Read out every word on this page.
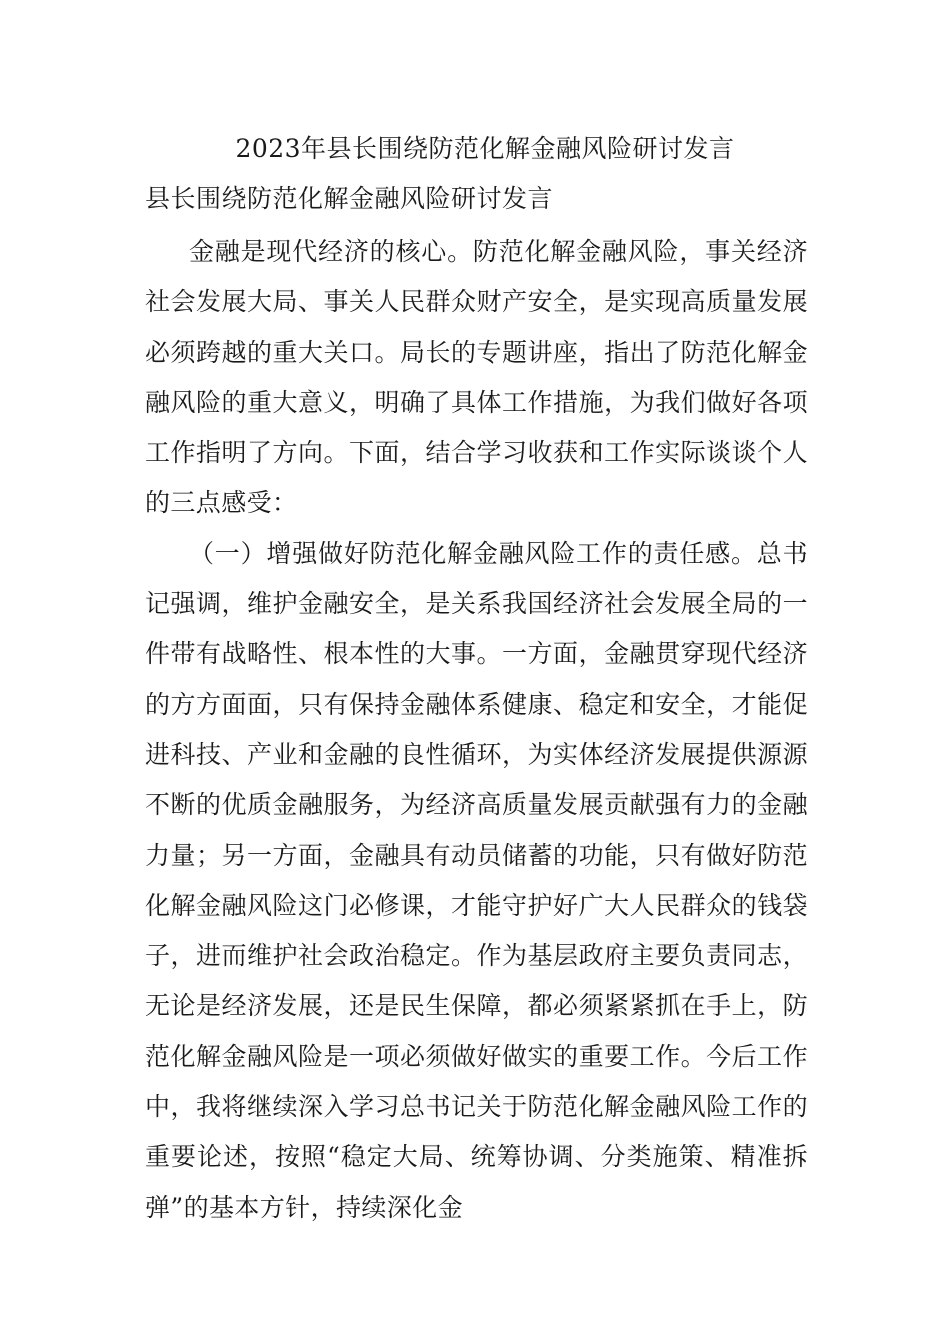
2023年县长围绕防范化解金融风险研讨发言
县长围绕防范化解金融风险研讨发言

金融是现代经济的核心。防范化解金融风险，事关经济社会发展大局、事关人民群众财产安全，是实现高质量发展必须跨越的重大关口。局长的专题讲座，指出了防范化解金融风险的重大意义，明确了具体工作措施，为我们做好各项工作指明了方向。下面，结合学习收获和工作实际谈谈个人的三点感受：

（一）增强做好防范化解金融风险工作的责任感。总书记强调，维护金融安全，是关系我国经济社会发展全局的一件带有战略性、根本性的大事。一方面，金融贯穿现代经济的方方面面，只有保持金融体系健康、稳定和安全，才能促进科技、产业和金融的良性循环，为实体经济发展提供源源不断的优质金融服务，为经济高质量发展贡献强有力的金融力量；另一方面，金融具有动员储蓄的功能，只有做好防范化解金融风险这门必修课，才能守护好广大人民群众的钱袋子，进而维护社会政治稳定。作为基层政府主要负责同志，无论是经济发展，还是民生保障，都必须紧紧抓在手上，防范化解金融风险是一项必须做好做实的重要工作。今后工作中，我将继续深入学习总书记关于防范化解金融风险工作的重要论述，按照“稳定大局、统筹协调、分类施策、精准拆弹”的基本方针，持续深化金
